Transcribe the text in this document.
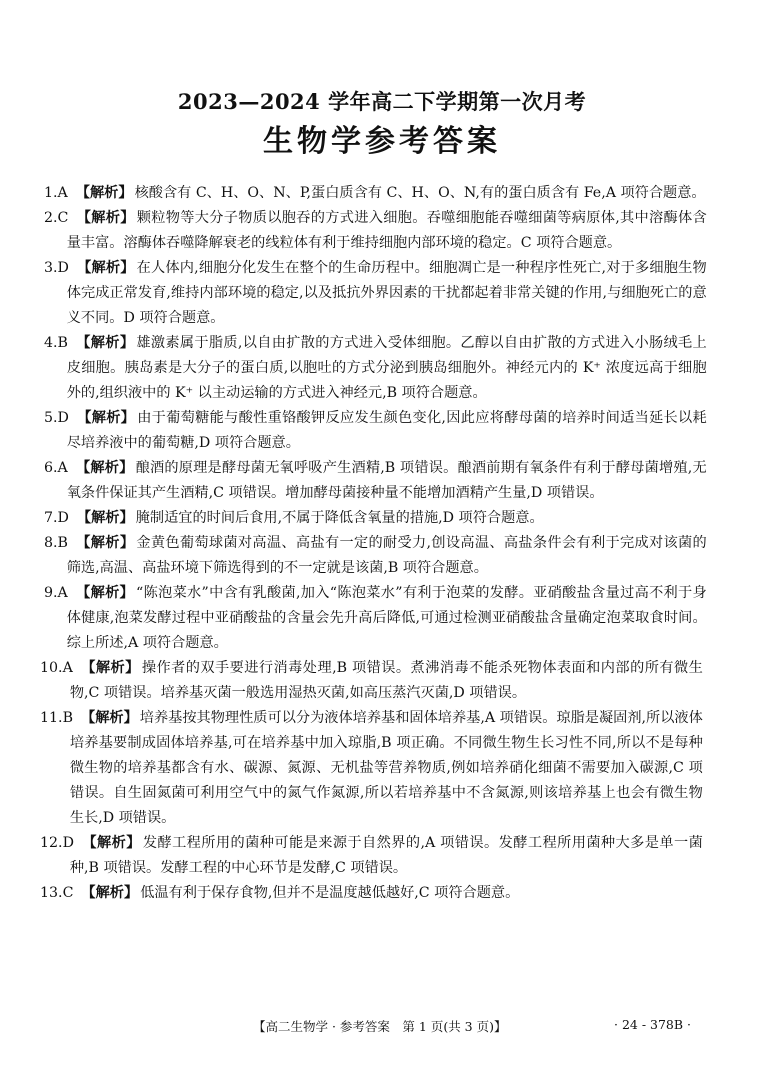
2023—2024 学年高二下学期第一次月考
生物学参考答案
1.A 【解析】 核酸含有 C、H、O、N、P,蛋白质含有 C、H、O、N,有的蛋白质含有 Fe,A 项符合题意。
2.C 【解析】 颗粒物等大分子物质以胞吞的方式进入细胞。吞噬细胞能吞噬细菌等病原体,其中溶酶体含量丰富。溶酶体吞噬降解衰老的线粒体有利于维持细胞内部环境的稳定。C 项符合题意。
3.D 【解析】 在人体内,细胞分化发生在整个的生命历程中。细胞凋亡是一种程序性死亡,对于多细胞生物体完成正常发育,维持内部环境的稳定,以及抵抗外界因素的干扰都起着非常关键的作用,与细胞死亡的意义不同。D 项符合题意。
4.B 【解析】 雄激素属于脂质,以自由扩散的方式进入受体细胞。乙醇以自由扩散的方式进入小肠绒毛上皮细胞。胰岛素是大分子的蛋白质,以胞吐的方式分泌到胰岛细胞外。神经元内的 K⁺ 浓度远高于细胞外的,组织液中的 K⁺ 以主动运输的方式进入神经元,B 项符合题意。
5.D 【解析】 由于葡萄糖能与酸性重铬酸钾反应发生颜色变化,因此应将酵母菌的培养时间适当延长以耗尽培养液中的葡萄糖,D 项符合题意。
6.A 【解析】 酿酒的原理是酵母菌无氧呼吸产生酒精,B 项错误。酿酒前期有氧条件有利于酵母菌增殖,无氧条件保证其产生酒精,C 项错误。增加酵母菌接种量不能增加酒精产生量,D 项错误。
7.D 【解析】 腌制适宜的时间后食用,不属于降低含氧量的措施,D 项符合题意。
8.B 【解析】 金黄色葡萄球菌对高温、高盐有一定的耐受力,创设高温、高盐条件会有利于完成对该菌的筛选,高温、高盐环境下筛选得到的不一定就是该菌,B 项符合题意。
9.A 【解析】 “陈泡菜水”中含有乳酸菌,加入“陈泡菜水”有利于泡菜的发酵。亚硝酸盐含量过高不利于身体健康,泡菜发酵过程中亚硝酸盐的含量会先升高后降低,可通过检测亚硝酸盐含量确定泡菜取食时间。综上所述,A 项符合题意。
10.A 【解析】 操作者的双手要进行消毒处理,B 项错误。煮沸消毒不能杀死物体表面和内部的所有微生物,C 项错误。培养基灭菌一般选用湿热灭菌,如高压蒸汽灭菌,D 项错误。
11.B 【解析】 培养基按其物理性质可以分为液体培养基和固体培养基,A 项错误。琼脂是凝固剂,所以液体培养基要制成固体培养基,可在培养基中加入琼脂,B 项正确。不同微生物生长习性不同,所以不是每种微生物的培养基都含有水、碳源、氮源、无机盐等营养物质,例如培养硝化细菌不需要加入碳源,C 项错误。自生固氮菌可利用空气中的氮气作氮源,所以若培养基中不含氮源,则该培养基上也会有微生物生长,D 项错误。
12.D 【解析】 发酵工程所用的菌种可能是来源于自然界的,A 项错误。发酵工程所用菌种大多是单一菌种,B 项错误。发酵工程的中心环节是发酵,C 项错误。
13.C 【解析】 低温有利于保存食物,但并不是温度越低越好,C 项符合题意。
【高二生物学 · 参考答案　第 1 页(共 3 页)】	· 24 - 378B ·
